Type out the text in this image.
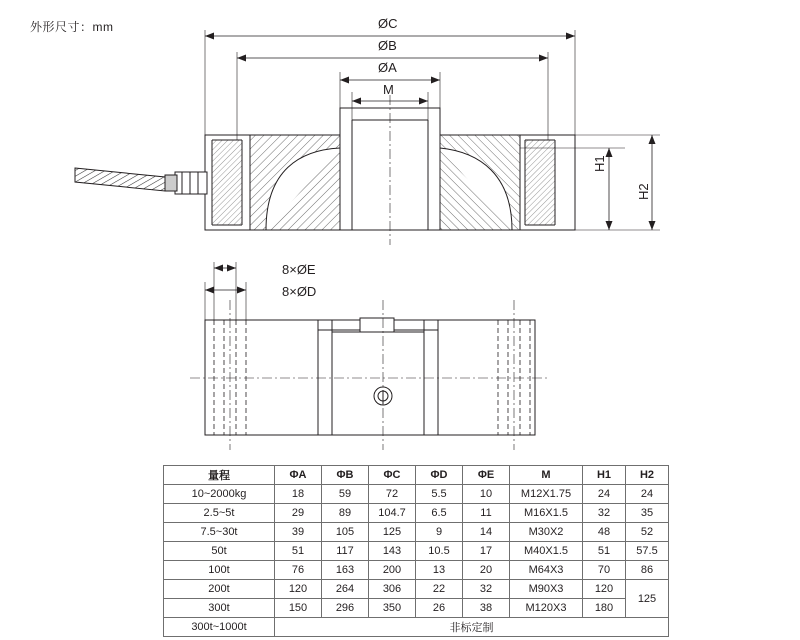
外形尺寸：mm	ØC
ØB
ØA
M
H1
H2
8×ØE
8×ØD
量程	ΦA	ΦB	ΦC	ΦD	ΦE	M	H1	H2
10~2000kg	18	59	72	5.5	10	M12X1.75	24	24
2.5~5t	29	89	104.7	6.5	11	M16X1.5	32	35
7.5~30t	39	105	125	9	14	M30X2	48	52
50t	51	117	143	10.5	17	M40X1.5	51	57.5
100t	76	163	200	13	20	M64X3	70	86
200t	120	264	306	22	32	M90X3	120	125
300t	150	296	350	26	38	M120X3	180	
300t~1000t	非标定制							
